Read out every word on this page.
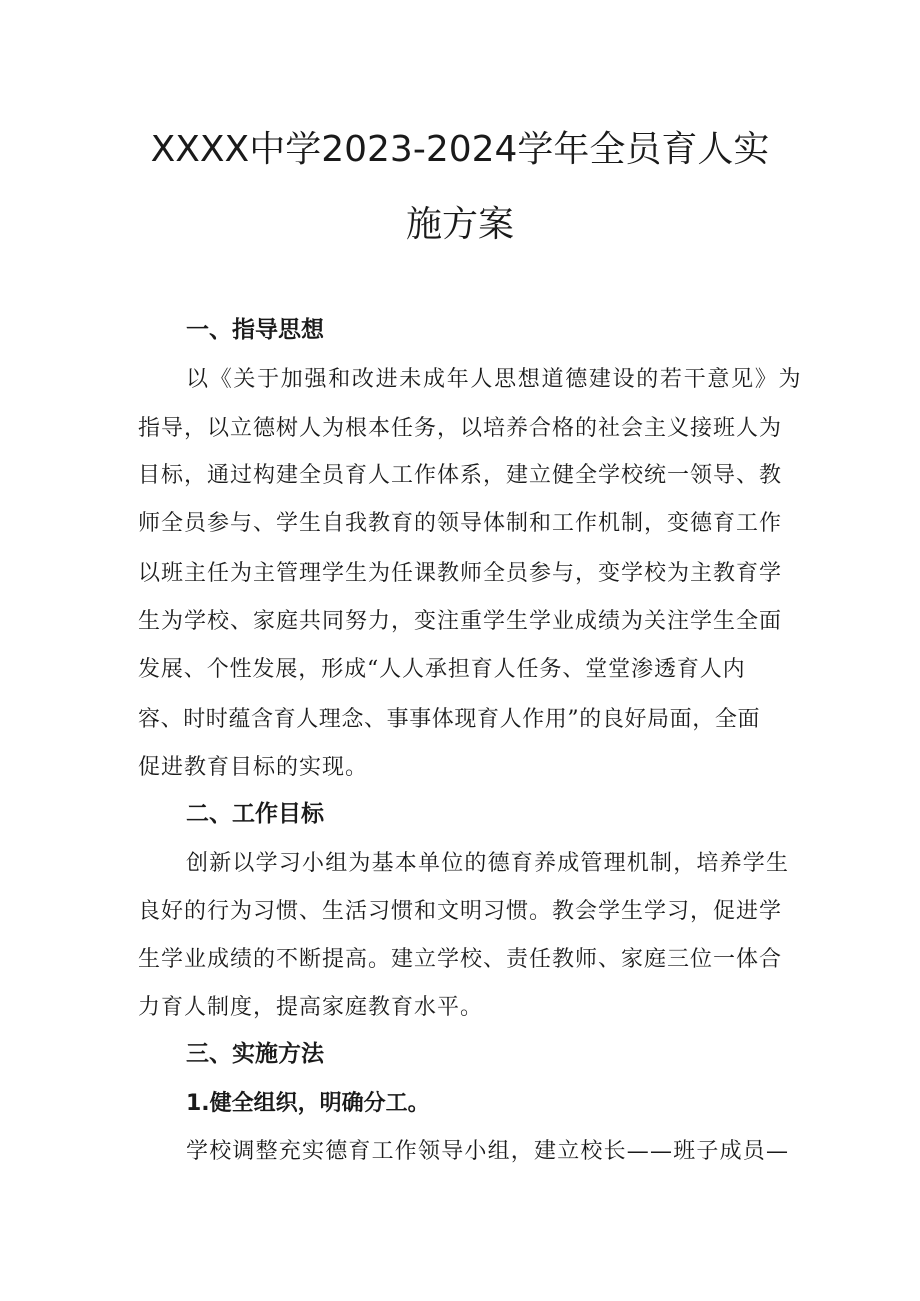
XXXX中学2023-2024学年全员育人实
施方案
一、指导思想

以《关于加强和改进未成年人思想道德建设的若干意见》为

指导，以立德树人为根本任务，以培养合格的社会主义接班人为

目标，通过构建全员育人工作体系，建立健全学校统一领导、教

师全员参与、学生自我教育的领导体制和工作机制，变德育工作

以班主任为主管理学生为任课教师全员参与，变学校为主教育学

生为学校、家庭共同努力，变注重学生学业成绩为关注学生全面

发展、个性发展，形成“人人承担育人任务、堂堂渗透育人内

容、时时蕴含育人理念、事事体现育人作用”的良好局面，全面

促进教育目标的实现。

二、工作目标

创新以学习小组为基本单位的德育养成管理机制，培养学生

良好的行为习惯、生活习惯和文明习惯。教会学生学习，促进学

生学业成绩的不断提高。建立学校、责任教师、家庭三位一体合

力育人制度，提高家庭教育水平。

三、实施方法
1.健全组织，明确分工。

学校调整充实德育工作领导小组，建立校长——班子成员—
